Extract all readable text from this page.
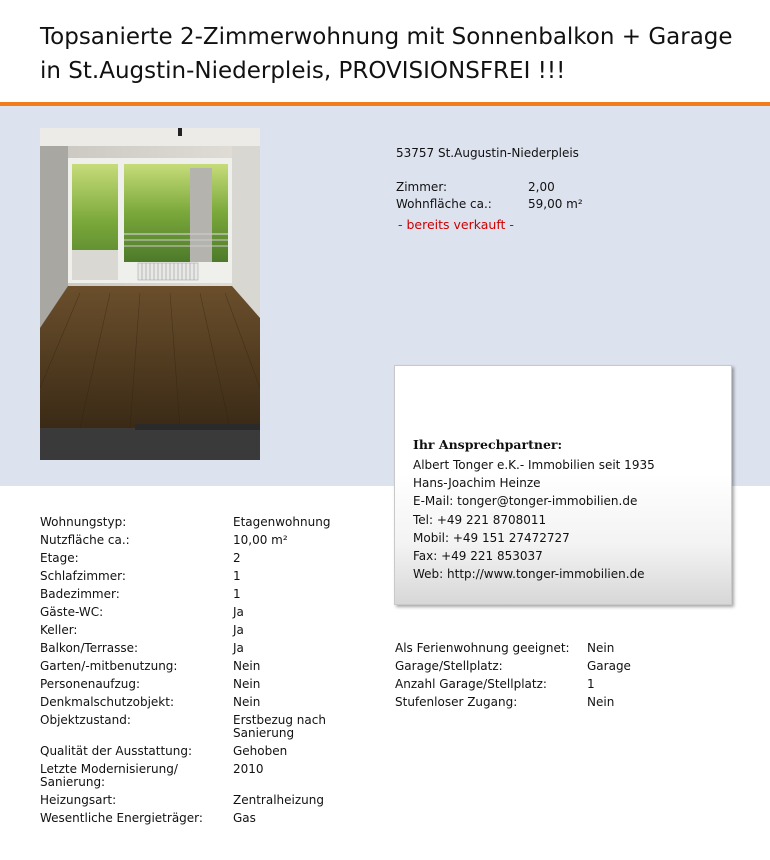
Topsanierte 2-Zimmerwohnung mit Sonnenbalkon + Garage
in St.Augstin-Niederpleis, PROVISIONSFREI !!!
53757 St.Augustin-Niederpleis
Zimmer:	2,00
Wohnfläche ca.:	59,00 m²
- bereits verkauft -
Ihr Ansprechpartner:
Albert Tonger e.K.- Immobilien seit 1935
Hans-Joachim Heinze
E-Mail: tonger@tonger-immobilien.de
Tel: +49 221 8708011
Mobil: +49 151 27472727
Fax: +49 221 853037
Web: http://www.tonger-immobilien.de
Wohnungstyp:	Etagenwohnung
Nutzfläche ca.:	10,00 m²
Etage:	2
Schlafzimmer:	1
Badezimmer:	1
Gäste-WC:	Ja
Keller:	Ja
Balkon/Terrasse:	Ja
Garten/-mitbenutzung:	Nein
Personenaufzug:	Nein
Denkmalschutzobjekt:	Nein
Objektzustand:	Erstbezug nach Sanierung
Qualität der Ausstattung:	Gehoben
Letzte Modernisierung/ Sanierung:
2010
Heizungsart:	Zentralheizung
Wesentliche Energieträger:	Gas
Als Ferienwohnung geeignet:	Nein
Garage/Stellplatz:	Garage
Anzahl Garage/Stellplatz:	1
Stufenloser Zugang:	Nein
